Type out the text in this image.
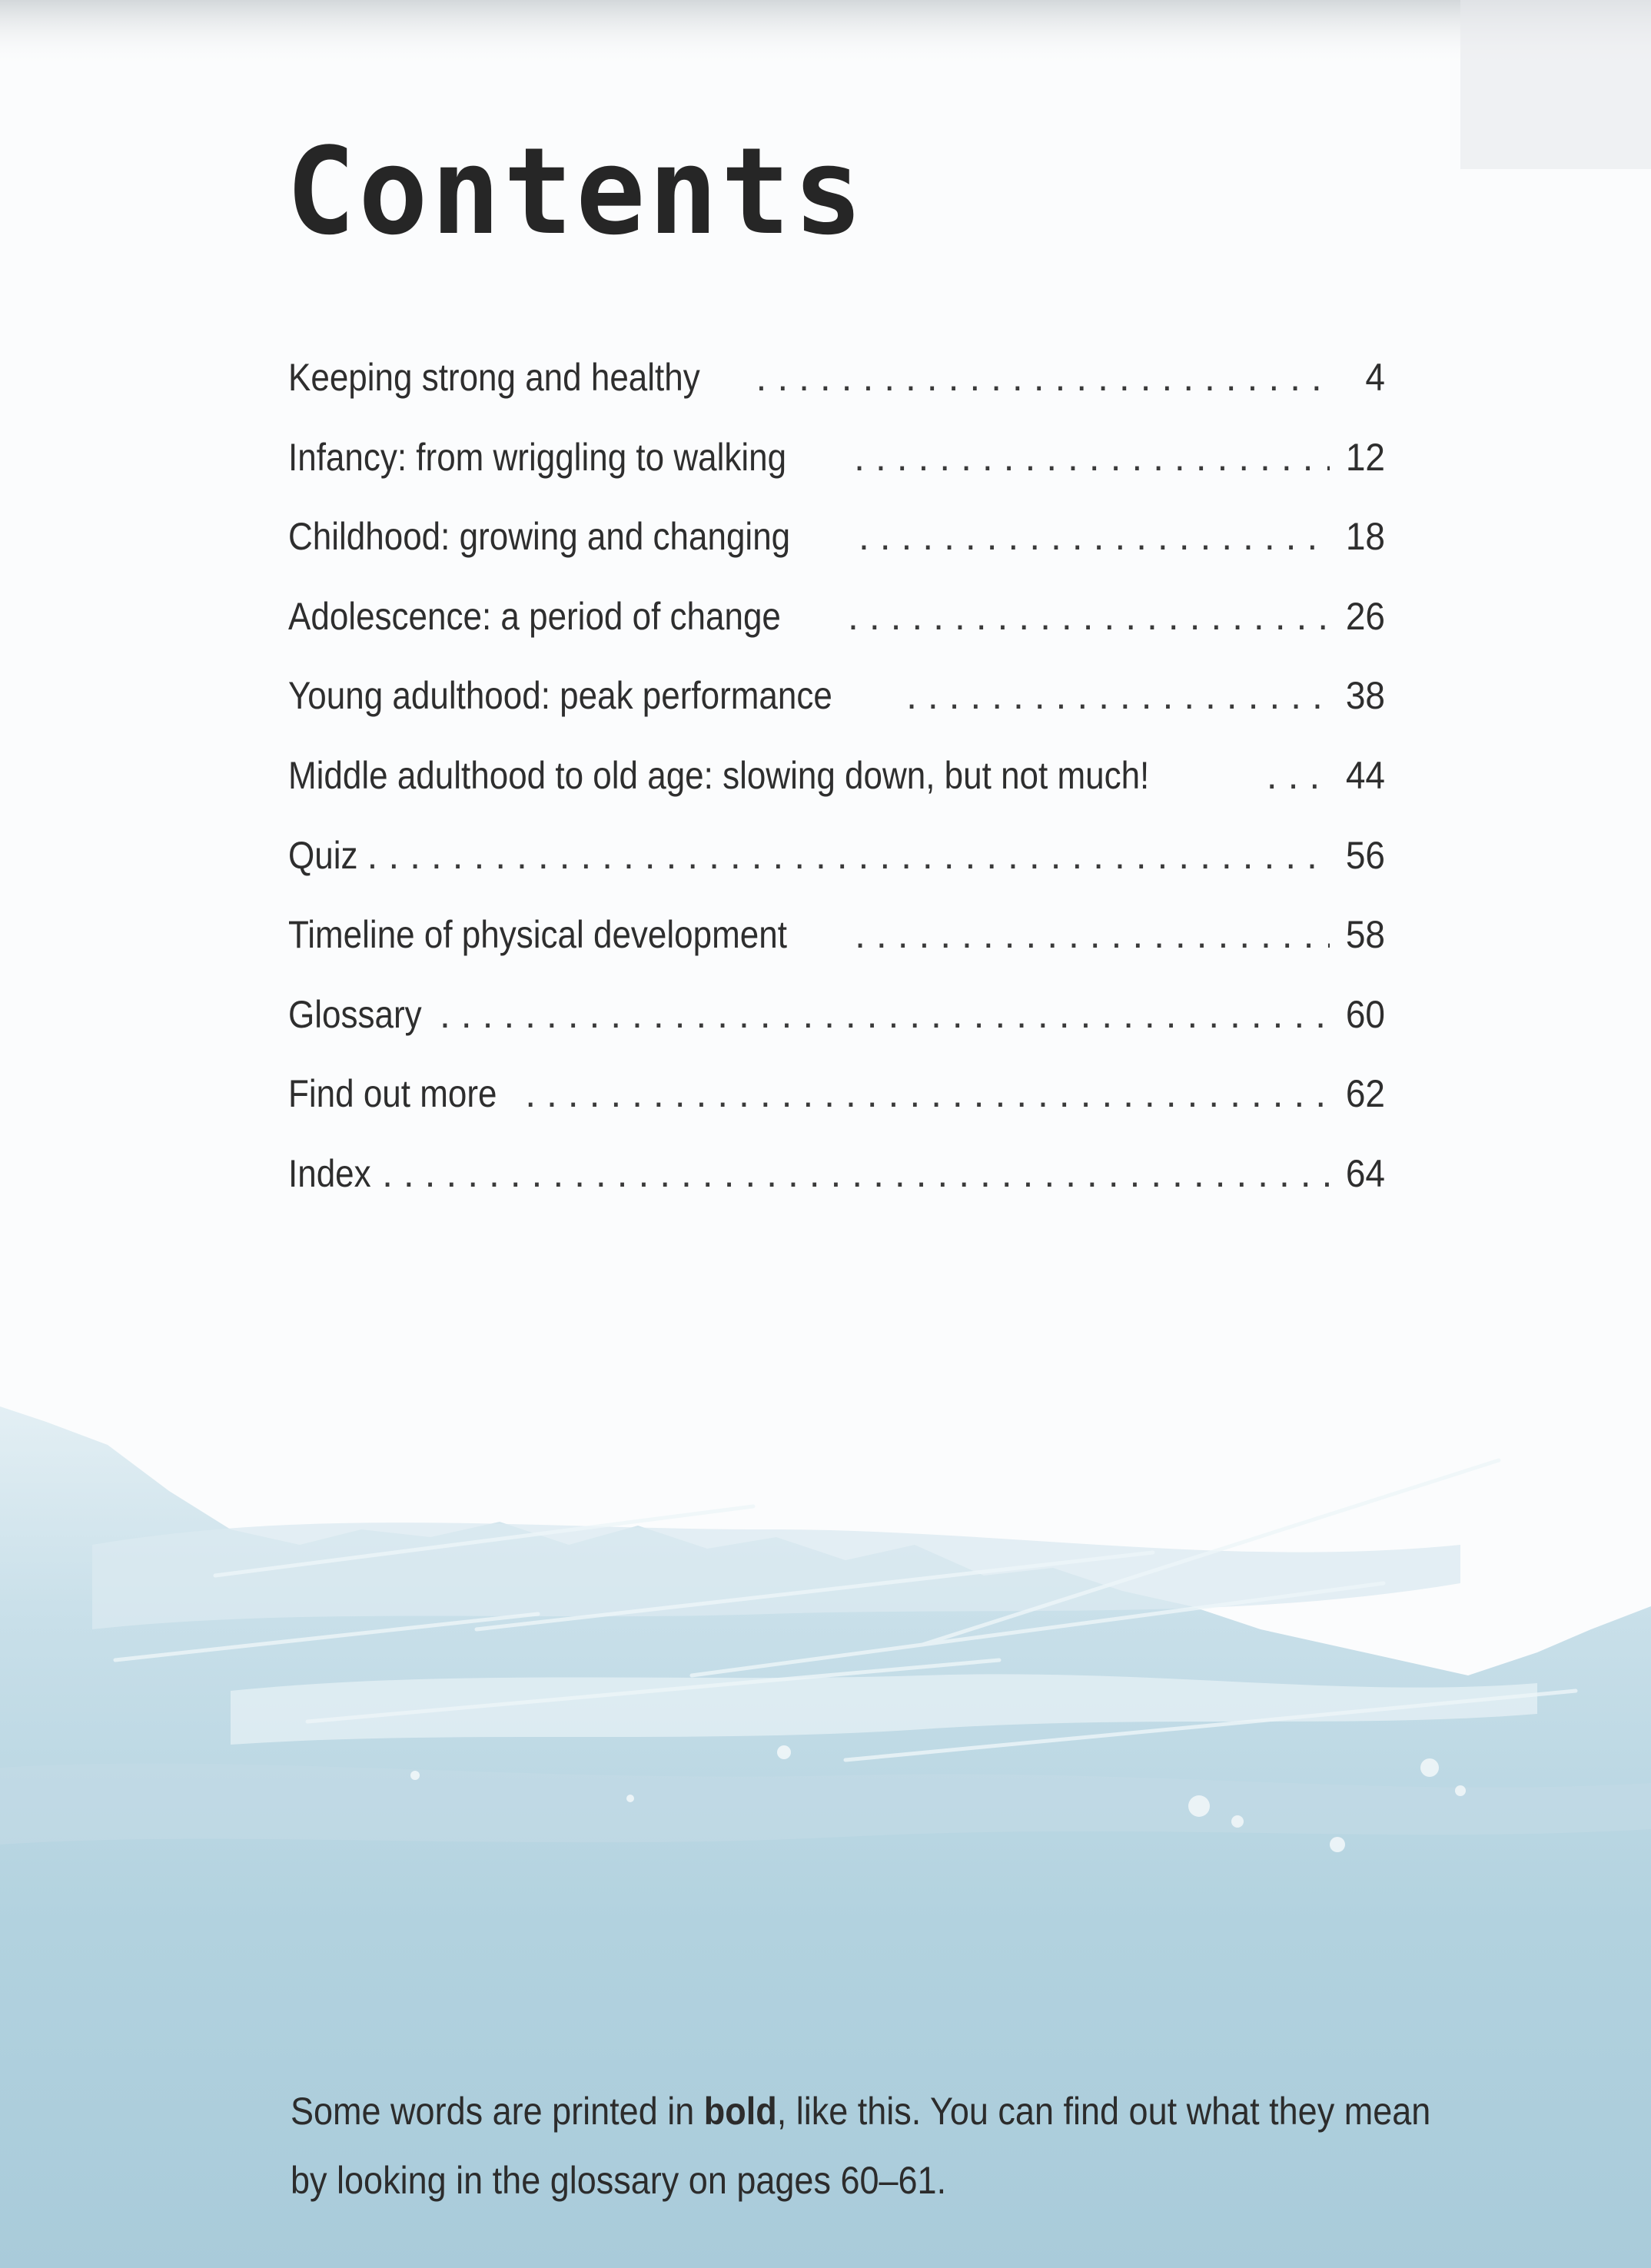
Contents
Keeping strong and healthy . . .	4
Infancy: from wriggling to walking . . .	12
Childhood: growing and changing . . .	18
Adolescence: a period of change . . .	26
Young adulthood: peak performance . . .	38
Middle adulthood to old age: slowing down, but not much! . . .	44
Quiz . . .	56
Timeline of physical development . . .	58
Glossary . . .	60
Find out more . . .	62
Index . . .	64

Some words are printed in bold, like this. You can find out what they mean
by looking in the glossary on pages 60–61.
